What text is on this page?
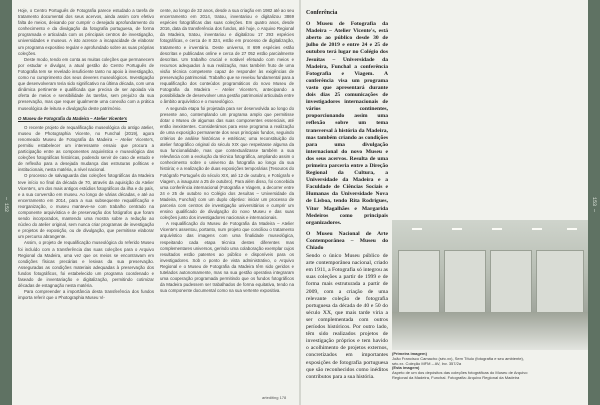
— 152	153 —

Hoje, o Centro Português de Fotografia parece estudado a tarefa de tratamento documental dos seus acervos, ainda assim com efetivo falta de meios, deixando por cumprir o desejado aprofundamento do conhecimento e da divulgação da fotografia portuguesa, de forma programada e articulada com os principais centros de investigação, universidades e museus. A isto acresce a incapacidade de elaborar um programa expositivo regular e aprofundado sobre as suas próprias coleções.

Deste modo, tendo em conta as muitas coleções que permanecem por estudar e divulgar, a atual gestão do Centro Português de Fotografia tem se revelado insuficiente tanto no apoio à investigação, como no cumprimento dos seus deveres museológicos. Investigação que desenvolveram teria sido significativo na última década, com uma dinâmica pertinente e qualificada que precisa de ser apoiada via oferta de meios e sensibilidade às tarefas, sem prejuízo da sua preservação, mas que requer igualmente uma conexão com a prática museológica de leitura e divulgação deste património.

O Museu de Fotografia da Madeira – Atelier Vicente's

O recente projeto de requalificação museológica do antigo atelier, museu de Photographia Vicente, no Funchal (2019), agora renomeado Museu de Fotografia da Madeira – Atelier Vicente's, permitiu estabelecer um interessante ensaio que procura a participação entre as componentes arquivística e museológica das coleções fotográficas históricas, podendo servir de caso de estudo e de reflexão para a desejada mudança das estruturas políticas e institucionais, nesta matéria, a nível nacional.

O processo de salvaguarda das coleções fotográficas da Madeira teve início no final da década de 70, através da aquisição do Atelier Vicente's, um dos mais antigos estúdios fotográficos da ilha e do país, e a sua conversão em museu. Ao longo de várias décadas, e até ao encerramento em 2014, para a sua subsequente requalificação e reorganização, o museu manteve-se com trabalho centrado na componente arquivística e de preservação dos fotógrafos que foram sendo incorporados, mantendo uma mostra sobre a redução ao núcleo do atelier original, sem nunca criar programas de investigação e projetos de exposição, ou de divulgação, que permitisse elaborar um percurso abrangente.

Assim, o projeto de requalificação museológica do referido Museu foi incluído com a transferência das suas coleções para o Arquivo Regional da Madeira, uma vez que os meios se encontravam em condições físicas precárias e lesivas da sua preservação. Asseguradas as condições materiais adequadas à preservação dos fundos fotográficos, foi estabelecido um programa coordenado e faseado de inventariação e digitalização, permitindo cotimizar décadas de estagnação nesta matéria.

Para compreender a importância desta transferência dos fundos importa referir que o Photographia Museu Vi-

cente, ao longo de 32 anos, desde a sua criação em 1982 até ao seu encerramento em 2014, tratou, inventariou e digitalizou 3869 espécies fotográficas das suas coleções. Em quatro anos, desde 2016, data da transferência dos fundos, até hoje, o Arquivo Regional da Madeira, tratou, inventariou e digitalizou 17 293 espécies fotográficas, e cerca de 8 324, estão em processo de digitalização, tratamento e inventário. Deste universo, 8 699 espécies estão descritas e publicadas online e cerca de 27 052 estão parcialmente descritas. Um trabalho crucial e notável efetuado com meios e recursos adequados à sua realização, mas também fruto de uma visão técnica competente capaz de responder às exigências de preservação patrimonial. Trabalho que se revelou fundamental para a requalificação dos conteúdos programáticos do novo Museu de Fotografia da Madeira – Atelier Vicente's, antecipando a possibilidade de desenvolver uma gestão patrimonial articulada entre o âmbito arquivístico e o museológico.

A segunda etapa foi projetada para ser desenvolvida ao longo do presente ano, contemplando um programa amplo que permitisse dotar o Museu de algumas das suas componentes essenciais, até então inexistentes. Considerámos para esse programa a realização de uma exposição permanente dos seus principais fundos, seguindo critérios de análise históricas e estéticas; uma reconstituição do atelier fotográfico original do século XIX que respeitasse alguma da sua funcionalidade, mas que contextualizasse também a sua relevância com a evolução da técnica fotográfica, ampliando assim o conhecimento sobre o universo da fotografia ao longo da sua história; e a realização de duas exposições temporárias (Tesouros do Fotógrafo Português do século XIX, até 12 de outubro, e Fotógrafo e Viagem, a inaugurar a 25 de outubro). Para além disso, foi concebida uma conferência internacional (Fotografia e Viagem, a decorrer entre 24 e 25 de outubro no Colégio dos Jesuítas – Universidade da Madeira, Funchal) com um duplo objetivo: iniciar um processo de parceria com centros de investigação universitários e cumprir um ensino qualificado de divulgação do novo Museu e das suas coleções junto dos investigadores nacionais e internacionais.

A requalificação do Museu de Fotografia da Madeira – Atelier Vicente's assentou, portanto, num projeto que conciliou o tratamento arquivístico das imagens com uma finalidade museológica, respeitando cada etapa técnica destes diferentes mas complementares universos, gerindo uma colaboração exemplar cujos resultados estão patentes ao público e disponíveis para os investigadores. Sob o ponto de vista administrativo, o Arquivo Regional e o Museu de Fotografia da Madeira têm sido geridos e tutelados autonomamente, mas na sua gestão operativa integraram uma cooperação programada permitindo que os fundos fotográficos da Madeira pudessem ser trabalhados de forma equitativa, tendo na sua componente documental como na sua vertente expositiva.

Conferência

O Museu de Fotografia da Madeira – Atelier Vicente's, está aberto ao público desde 30 de julho de 2019 e entre 24 e 25 de outubro terá lugar no Colégio dos Jesuítas – Universidade da Madeira, Funchal a conferência Fotografia e Viagem. A conferência visa um programa vasto que apresentará durante dois dias 25 comunicações de investigadores internacionais de vários continentes, proporcionando assim uma reflexão sobre um tema transversal à história da Madeira, mas também criando as condições para uma divulgação internacional do novo Museu e dos seus acervos. Resulta de uma primeira parceria entre a Direção Regional da Cultura, a Universidade da Madeira e a Faculdade de Ciências Sociais e Humanas da Universidade Nova de Lisboa, tendo Rita Rodrigues, Vítor Magalhães e Margarida Medeiros como principais organizadores.

O Museu Nacional de Arte Contemporânea – Museu do Chiado

Sendo o único Museu público de arte contemporânea nacional, criado em 1911, a Fotografia só integrou as suas coleções a partir de 1999 e de forma mais estruturada a partir de 2009, com a criação de uma relevante coleção de fotografia portuguesa da década de 40 e 50 do século XX, que mais tarde viria a ser complementada com outros períodos históricos. Por outro lado, têm sido realizados projetos de investigação próprios e tem havido o acolhimento de projetos externos, concretizados em importantes exposições de fotografia portuguesa que são reconhecidos como inéditos contributos para a sua história.

(Primeira imagem)
João Francisco Camacho (séc.xx), Sem Título (fotografia e seu ambiente),
séc.xx. Coleção MFM – AV, Inv. 357/2a
(Esta imagem)
Aspeto de um dos depósitos das coleções fotográficas do Museu de Arquivo
Regional da Madeira, Funchal. Fotografia: Arquivo Regional da Madeira
artediting 178
